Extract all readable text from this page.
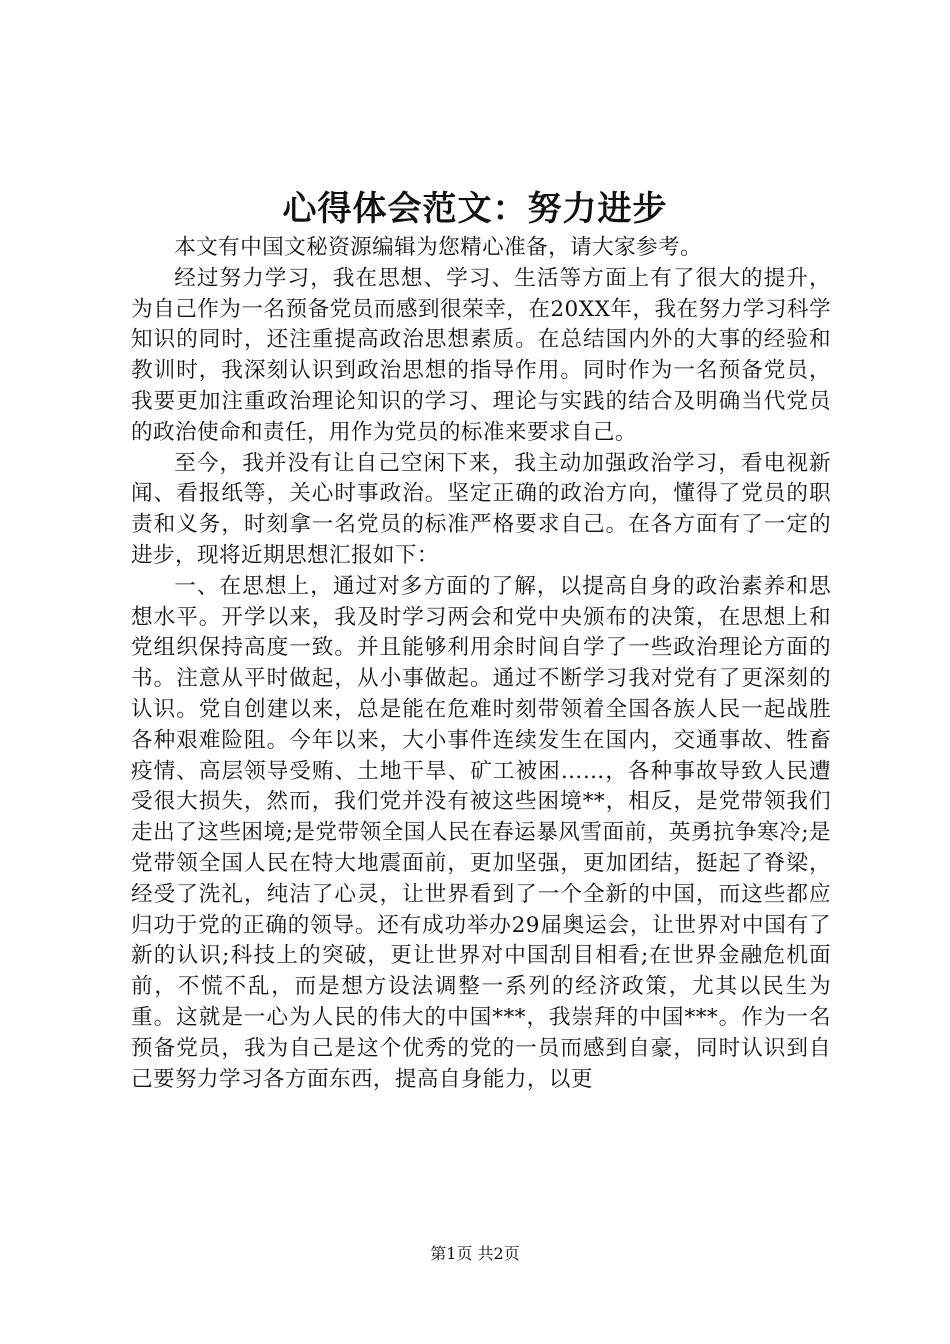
心得体会范文：努力进步

本文有中国文秘资源编辑为您精心准备，请大家参考。

经过努力学习，我在思想、学习、生活等方面上有了很大的提升，为自己作为一名预备党员而感到很荣幸，在20XX年，我在努力学习科学知识的同时，还注重提高政治思想素质。在总结国内外的大事的经验和教训时，我深刻认识到政治思想的指导作用。同时作为一名预备党员，我要更加注重政治理论知识的学习、理论与实践的结合及明确当代党员的政治使命和责任，用作为党员的标准来要求自己。

至今，我并没有让自己空闲下来，我主动加强政治学习，看电视新闻、看报纸等，关心时事政治。坚定正确的政治方向，懂得了党员的职责和义务，时刻拿一名党员的标准严格要求自己。在各方面有了一定的进步，现将近期思想汇报如下：

一、在思想上，通过对多方面的了解，以提高自身的政治素养和思想水平。开学以来，我及时学习两会和党中央颁布的决策，在思想上和党组织保持高度一致。并且能够利用余时间自学了一些政治理论方面的书。注意从平时做起，从小事做起。通过不断学习我对党有了更深刻的认识。党自创建以来，总是能在危难时刻带领着全国各族人民一起战胜各种艰难险阻。今年以来，大小事件连续发生在国内，交通事故、牲畜疫情、高层领导受贿、土地干旱、矿工被困……，各种事故导致人民遭受很大损失，然而，我们党并没有被这些困境**，相反，是党带领我们走出了这些困境;是党带领全国人民在春运暴风雪面前，英勇抗争寒冷;是党带领全国人民在特大地震面前，更加坚强，更加团结，挺起了脊梁，经受了洗礼，纯洁了心灵，让世界看到了一个全新的中国，而这些都应归功于党的正确的领导。还有成功举办29届奥运会，让世界对中国有了新的认识;科技上的突破，更让世界对中国刮目相看;在世界金融危机面前，不慌不乱，而是想方设法调整一系列的经济政策，尤其以民生为重。这就是一心为人民的伟大的中国***，我崇拜的中国***。作为一名预备党员，我为自己是这个优秀的党的一员而感到自豪，同时认识到自己要努力学习各方面东西，提高自身能力，以更

第1页 共2页
